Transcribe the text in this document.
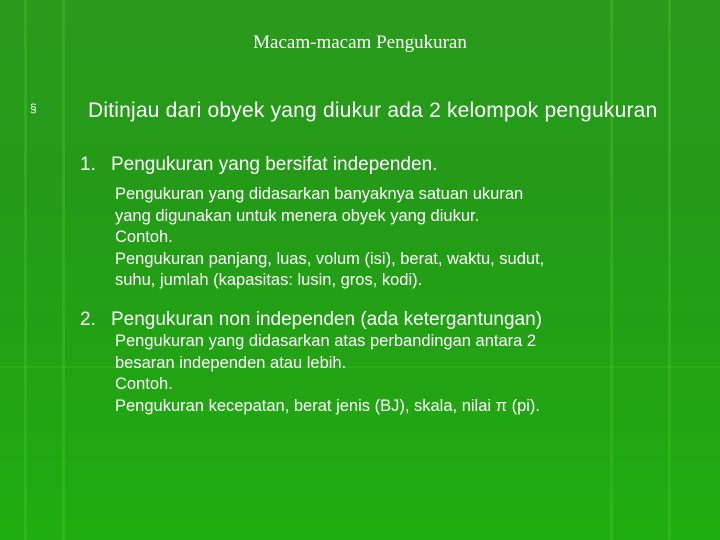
Macam-macam Pengukuran
§ Ditinjau dari obyek yang diukur ada 2 kelompok pengukuran
1. Pengukuran yang bersifat independen.
Pengukuran yang didasarkan banyaknya satuan ukuran
yang digunakan untuk menera obyek yang diukur.
Contoh.
Pengukuran panjang, luas, volum (isi), berat, waktu, sudut,
suhu, jumlah (kapasitas: lusin, gros, kodi).
2. Pengukuran non independen (ada ketergantungan)
Pengukuran yang didasarkan atas perbandingan antara 2
besaran independen atau lebih.
Contoh.
Pengukuran kecepatan, berat jenis (BJ), skala, nilai π (pi).
